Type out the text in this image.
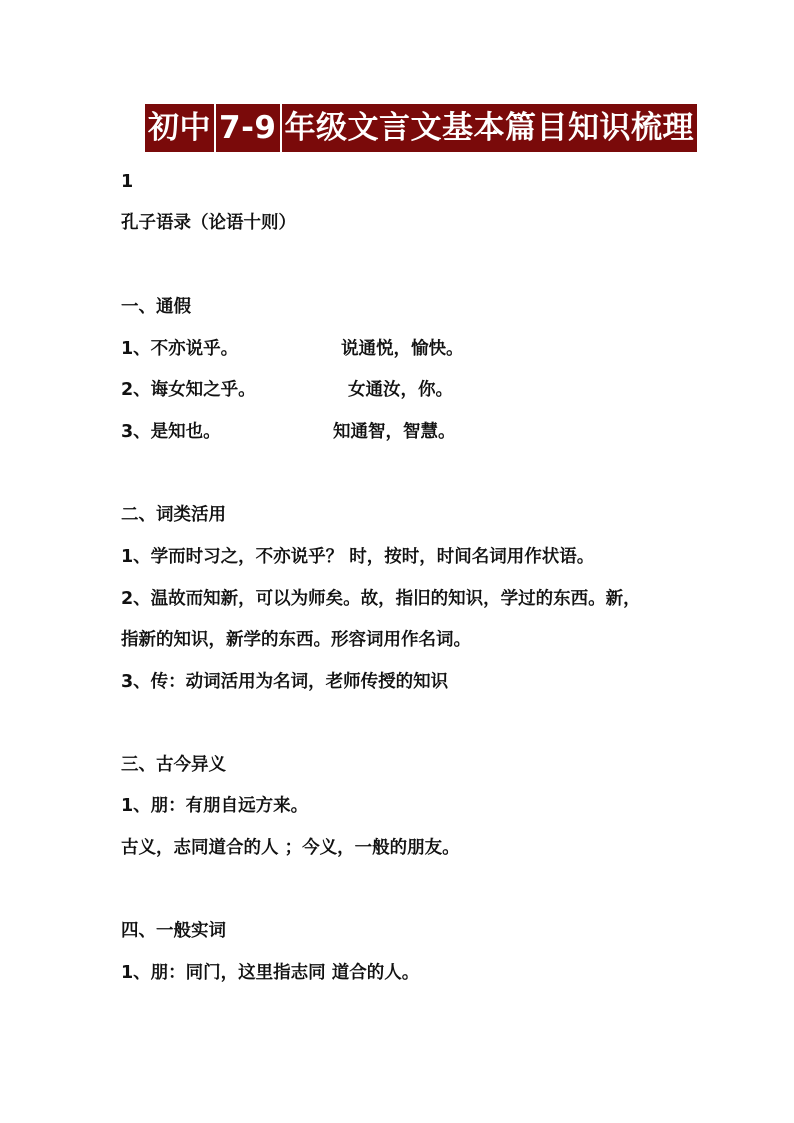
初中 7-9 年级文言文基本篇目知识梳理
1
孔子语录（论语十则）
一、通假
1、不亦说乎。	说通悦，愉快。
2、诲女知之乎。	女通汝，你。
3、是知也。	知通智，智慧。
二、词类活用
1、学而时习之，不亦说乎？ 时，按时，时间名词用作状语。
2、温故而知新，可以为师矣。故，指旧的知识，学过的东西。新，
指新的知识，新学的东西。形容词用作名词。
3、传：动词活用为名词，老师传授的知识
三、古今异义
1、朋：有朋自远方来。
古义，志同道合的人 ；今义，一般的朋友。
四、一般实词
1、朋：同门，这里指志同 道合的人。
